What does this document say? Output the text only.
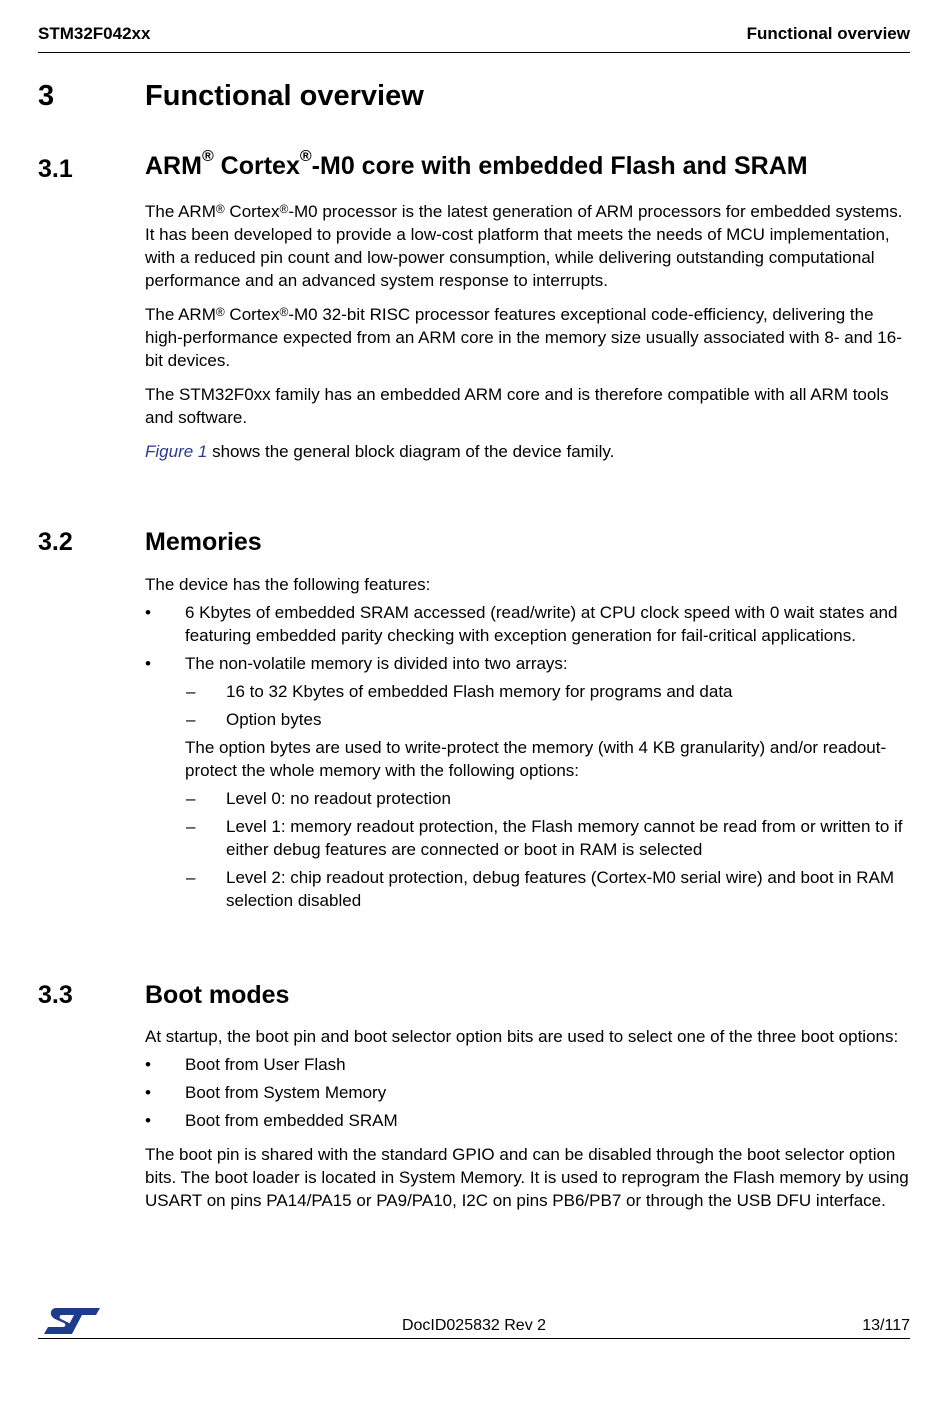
STM32F042xx	Functional overview
3	Functional overview
3.1	ARM® Cortex®-M0 core with embedded Flash and SRAM

The ARM® Cortex®-M0 processor is the latest generation of ARM processors for embedded systems. It has been developed to provide a low-cost platform that meets the needs of MCU implementation, with a reduced pin count and low-power consumption, while delivering outstanding computational performance and an advanced system response to interrupts.

The ARM® Cortex®-M0 32-bit RISC processor features exceptional code-efficiency, delivering the high-performance expected from an ARM core in the memory size usually associated with 8- and 16-bit devices.

The STM32F0xx family has an embedded ARM core and is therefore compatible with all ARM tools and software.

Figure 1 shows the general block diagram of the device family.

3.2	Memories

The device has the following features:

•	6 Kbytes of embedded SRAM accessed (read/write) at CPU clock speed with 0 wait states and featuring embedded parity checking with exception generation for fail-critical applications.
•	The non-volatile memory is divided into two arrays:
– 16 to 32 Kbytes of embedded Flash memory for programs and data
– Option bytes
The option bytes are used to write-protect the memory (with 4 KB granularity) and/or readout-protect the whole memory with the following options:
– Level 0: no readout protection
– Level 1: memory readout protection, the Flash memory cannot be read from or written to if either debug features are connected or boot in RAM is selected
– Level 2: chip readout protection, debug features (Cortex-M0 serial wire) and boot in RAM selection disabled
3.3	Boot modes

At startup, the boot pin and boot selector option bits are used to select one of the three boot options:

•	Boot from User Flash
•	Boot from System Memory
•	Boot from embedded SRAM

The boot pin is shared with the standard GPIO and can be disabled through the boot selector option bits. The boot loader is located in System Memory. It is used to reprogram the Flash memory by using USART on pins PA14/PA15 or PA9/PA10, I2C on pins PB6/PB7 or through the USB DFU interface.

DocID025832 Rev 2	13/117
